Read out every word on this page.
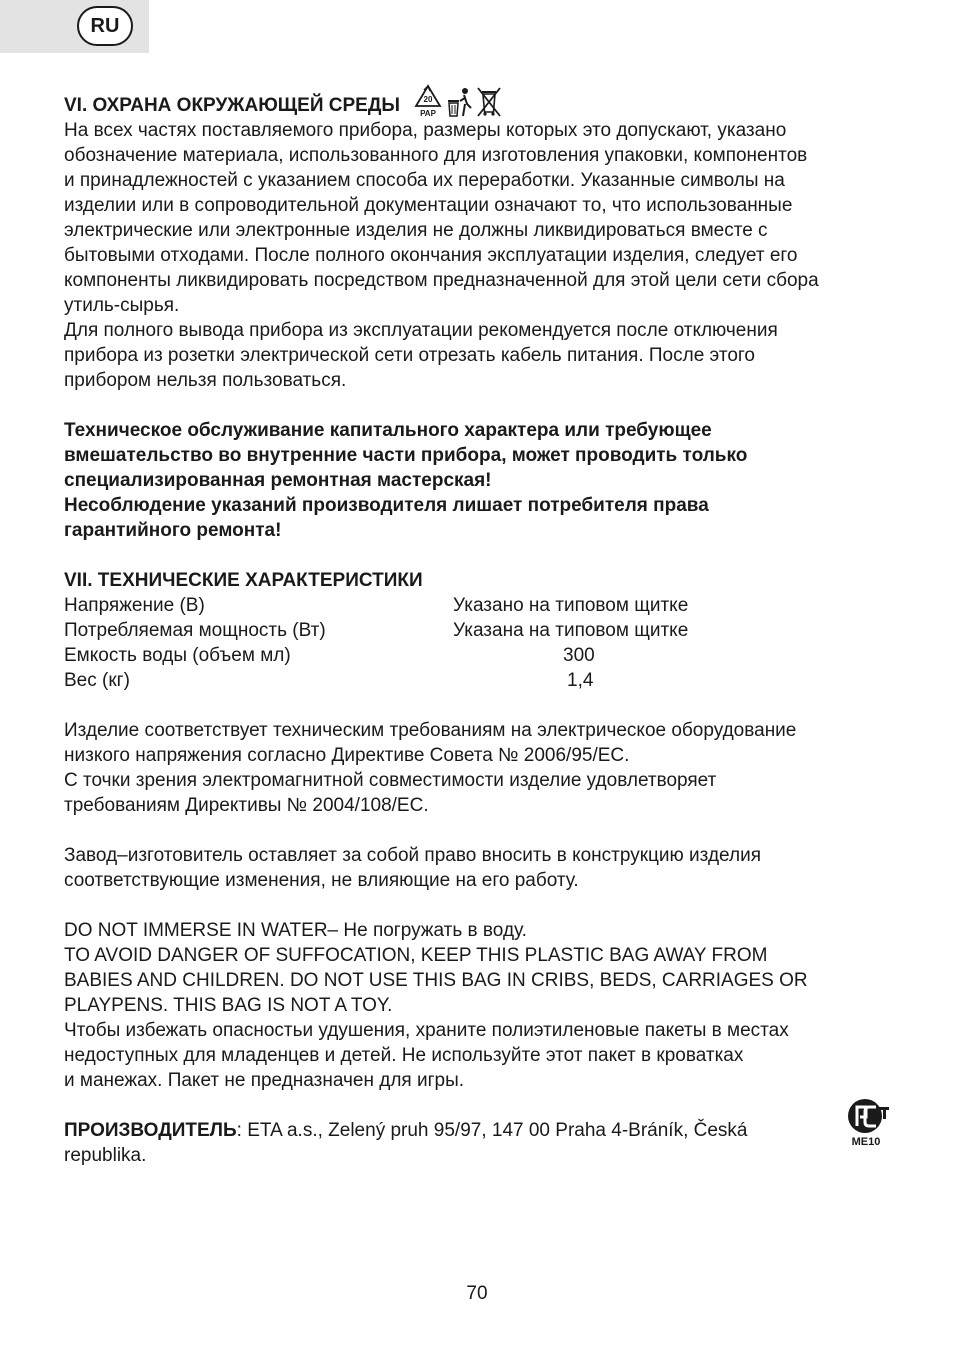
RU
VI. ОХРАНА ОКРУЖАЮЩЕЙ СРЕДЫ	20
PAP
На всех частях поставляемого прибора, размеры которых это допускают, указано
обозначение материала, использованного для изготовления упаковки, компонентов
и принадлежностей с указанием способа их переработки. Указанные символы на
изделии или в сопроводительной документации означают то, что использованные
электрические или электронные изделия не должны ликвидироваться вместе с
бытовыми отходами. После полного окончания эксплуатации изделия, следует его
компоненты ликвидировать посредством предназначенной для этой цели сети сбора
утиль-сырья.
Для полного вывода прибора из эксплуатации рекомендуется после отключения
прибора из розетки электрической сети отрезать кабель питания. После этого
прибором нельзя пользоваться.
Техническое обслуживание капитального характера или требующее
вмешательство во внутренние части прибора, может проводить только
специализированная ремонтная мастерская!
Несоблюдение указаний производителя лишает потребителя права
гарантийного ремонта!
VII. ТЕХНИЧЕСКИЕ ХАРАКТЕРИСТИКИ
Напряжение (В)	Указано на типовом щитке
Потребляемая мощность (Вт)	Указана на типовом щитке
Емкость воды (объем мл)	300
Вес (кг)	1,4
Изделие соответствует техническим требованиям на электрическое оборудование
низкого напряжения согласно Директиве Совета № 2006/95/ЕС.
С точки зрения электромагнитной совместимости изделие удовлетворяет
требованиям Директивы № 2004/108/ЕС.
Завод–изготовитель оставляет за собой право вносить в конструкцию изделия
соответствующие изменения, не влияющие на его работу.
DO NOT IMMERSE IN WATER– Не погружать в воду.
TO AVOID DANGER OF SUFFOCATION, KEEP THIS PLASTIC BAG AWAY FROM
BABIES AND CHILDREN. DO NOT USE THIS BAG IN CRIBS, BEDS, CARRIAGES OR
PLAYPENS. THIS BAG IS NOT A TOY.
Чтобы избежать опасностьи удушения, храните полиэтиленовые пакеты в местах
недоступных для младенцев и детей. Не используйте этот пакет в кроватках
и манежах. Пакет не предназначен для игры.
ПРОИЗВОДИТЕЛЬ: ETA a.s., Zelený pruh 95/97, 147 00 Praha 4-Bráník, Česká
republika.
МЕ10
70
